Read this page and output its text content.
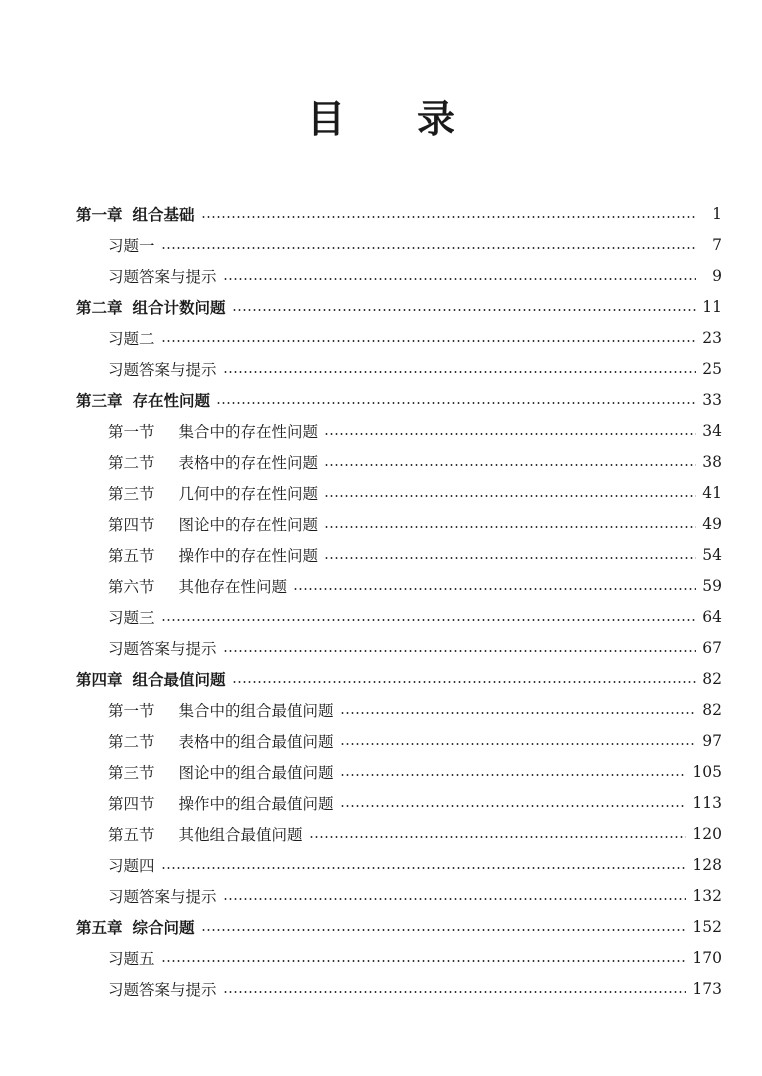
目 录
第一章 组合基础	1
习题一	7
习题答案与提示	9
第二章 组合计数问题	11
习题二	23
习题答案与提示	25
第三章 存在性问题	33
第一节 集合中的存在性问题	34
第二节 表格中的存在性问题	38
第三节 几何中的存在性问题	41
第四节 图论中的存在性问题	49
第五节 操作中的存在性问题	54
第六节 其他存在性问题	59
习题三	64
习题答案与提示	67
第四章 组合最值问题	82
第一节 集合中的组合最值问题	82
第二节 表格中的组合最值问题	97
第三节 图论中的组合最值问题	105
第四节 操作中的组合最值问题	113
第五节 其他组合最值问题	120
习题四	128
习题答案与提示	132
第五章 综合问题	152
习题五	170
习题答案与提示	173
